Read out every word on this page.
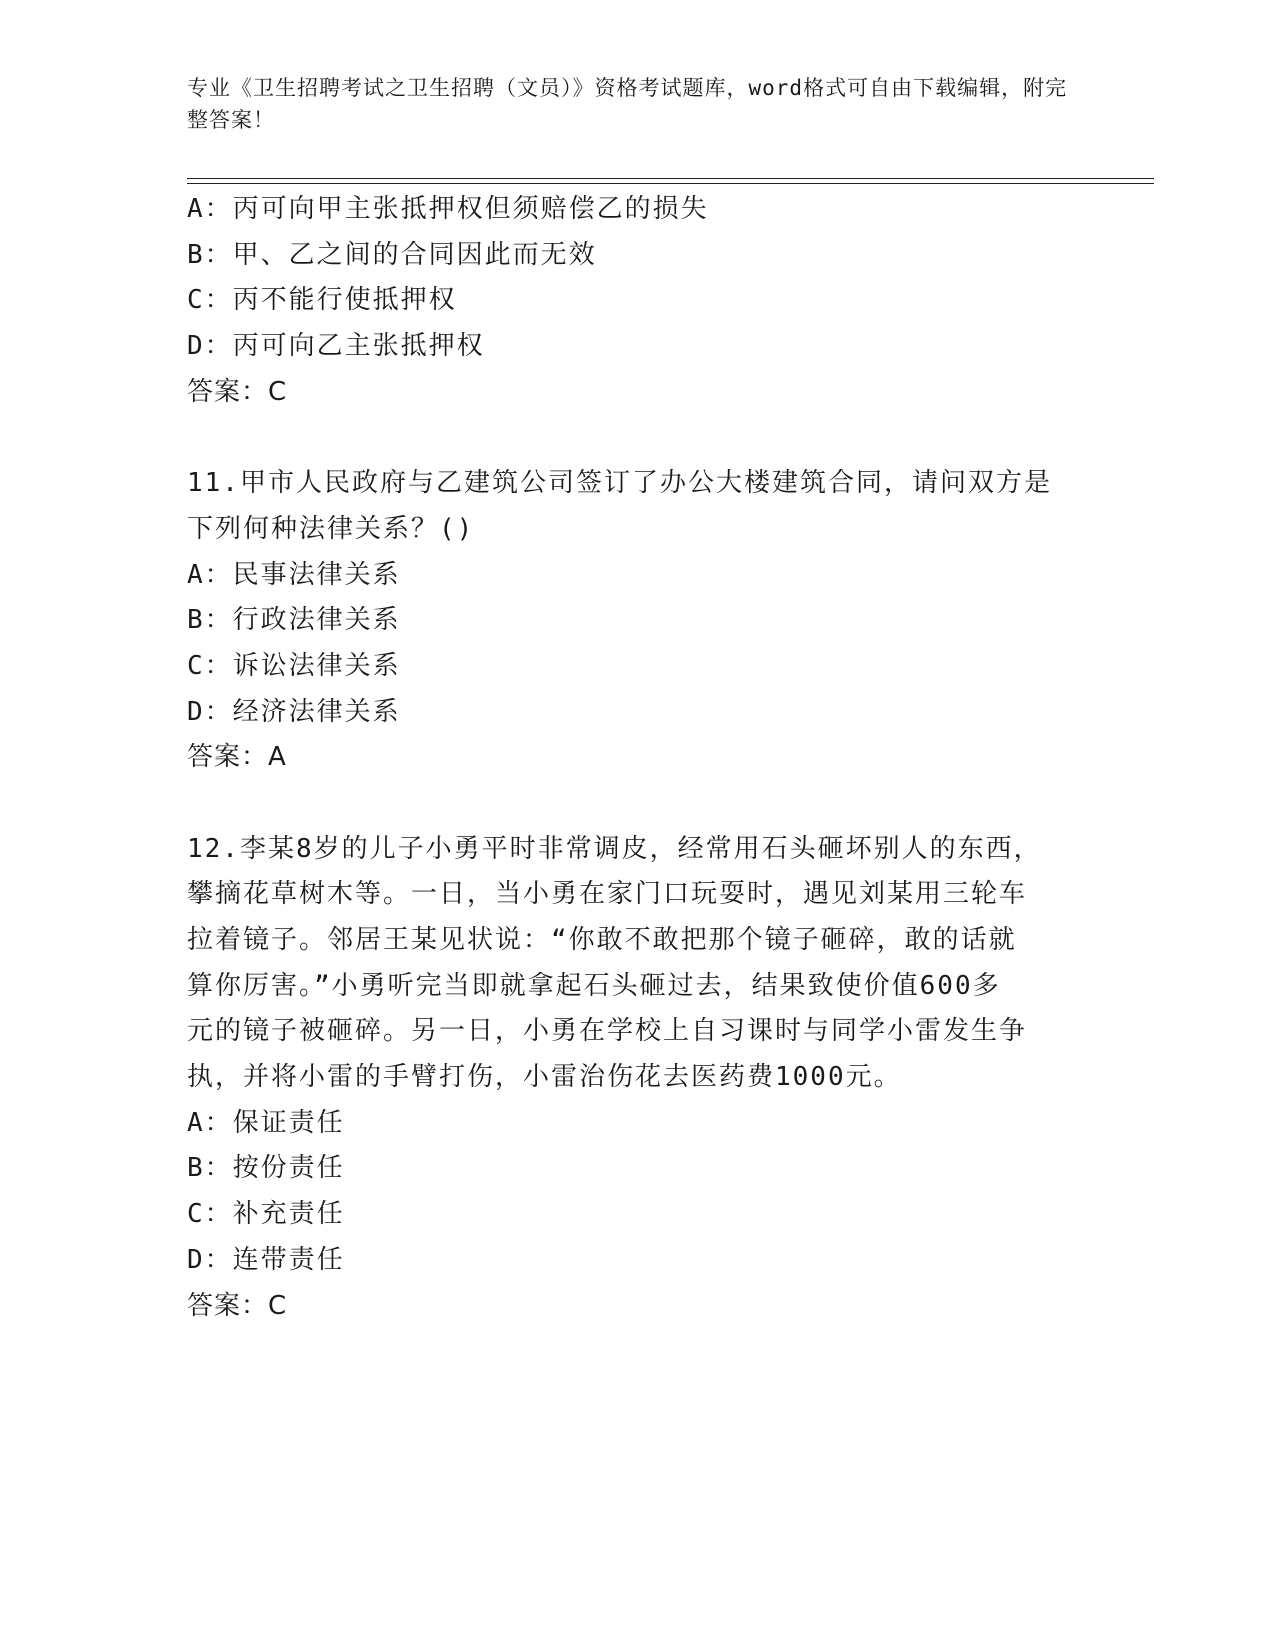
专业《卫生招聘考试之卫生招聘（文员）》资格考试题库，word格式可自由下载编辑，附完整答案！
A：丙可向甲主张抵押权但须赔偿乙的损失
B：甲、乙之间的合同因此而无效
C：丙不能行使抵押权
D：丙可向乙主张抵押权
答案：C
11.甲市人民政府与乙建筑公司签订了办公大楼建筑合同，请问双方是
下列何种法律关系？()
A：民事法律关系
B：行政法律关系
C：诉讼法律关系
D：经济法律关系
答案：A
12.李某8岁的儿子小勇平时非常调皮，经常用石头砸坏别人的东西，
攀摘花草树木等。一日，当小勇在家门口玩耍时，遇见刘某用三轮车
拉着镜子。邻居王某见状说：“你敢不敢把那个镜子砸碎，敢的话就
算你厉害。”小勇听完当即就拿起石头砸过去，结果致使价值600多
元的镜子被砸碎。另一日，小勇在学校上自习课时与同学小雷发生争
执，并将小雷的手臂打伤，小雷治伤花去医药费1000元。
A：保证责任
B：按份责任
C：补充责任
D：连带责任
答案：C
